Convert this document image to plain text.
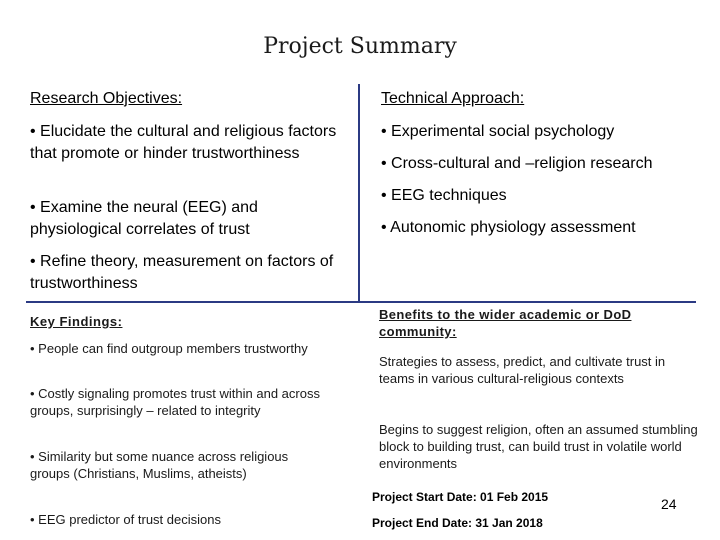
Project Summary
Research Objectives:
• Elucidate the cultural and religious factors that promote or hinder trustworthiness
• Examine the neural (EEG) and physiological correlates of trust
• Refine theory, measurement on factors of trustworthiness
Technical Approach:
• Experimental social psychology
• Cross-cultural and –religion research
• EEG techniques
• Autonomic physiology assessment
Key Findings:
• People can find outgroup members trustworthy
• Costly signaling promotes trust within and across groups, surprisingly – related to integrity
• Similarity but some nuance across religious groups (Christians, Muslims, atheists)
• EEG predictor of trust decisions
Benefits to the wider academic or DoD community:
Strategies to assess, predict, and cultivate trust in teams in various cultural-religious contexts
Begins to suggest religion, often an assumed stumbling block to building trust, can build trust in volatile world environments
Project Start Date: 01 Feb 2015
Project End Date: 31 Jan 2018
24
